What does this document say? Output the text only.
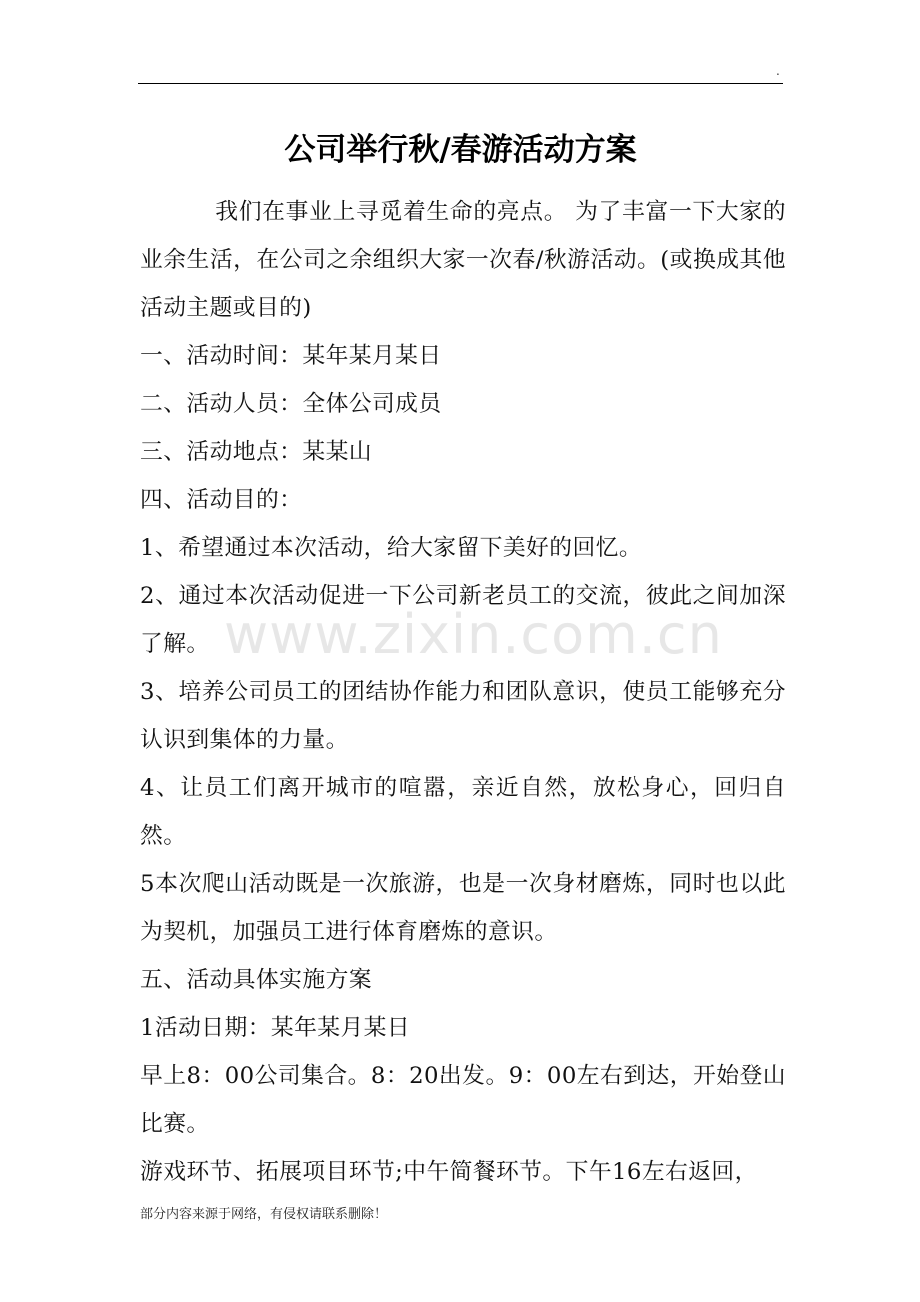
.
公司举行秋/春游活动方案

我们在事业上寻觅着生命的亮点。 为了丰富一下大家的业余生活，在公司之余组织大家一次春/秋游活动。(或换成其他活动主题或目的)

一、活动时间：某年某月某日

二、活动人员：全体公司成员

三、活动地点：某某山

四、活动目的：

1、希望通过本次活动，给大家留下美好的回忆。

2、通过本次活动促进一下公司新老员工的交流，彼此之间加深了解。

3、培养公司员工的团结协作能力和团队意识，使员工能够充分认识到集体的力量。

4、让员工们离开城市的喧嚣，亲近自然，放松身心，回归自然。

5本次爬山活动既是一次旅游，也是一次身材磨炼，同时也以此为契机，加强员工进行体育磨炼的意识。

五、活动具体实施方案

1活动日期：某年某月某日

早上8：00公司集合。8：20出发。9：00左右到达，开始登山比赛。

游戏环节、拓展项目环节;中午简餐环节。下午16左右返回，

www.zixin.com.cn
部分内容来源于网络，有侵权请联系删除！
